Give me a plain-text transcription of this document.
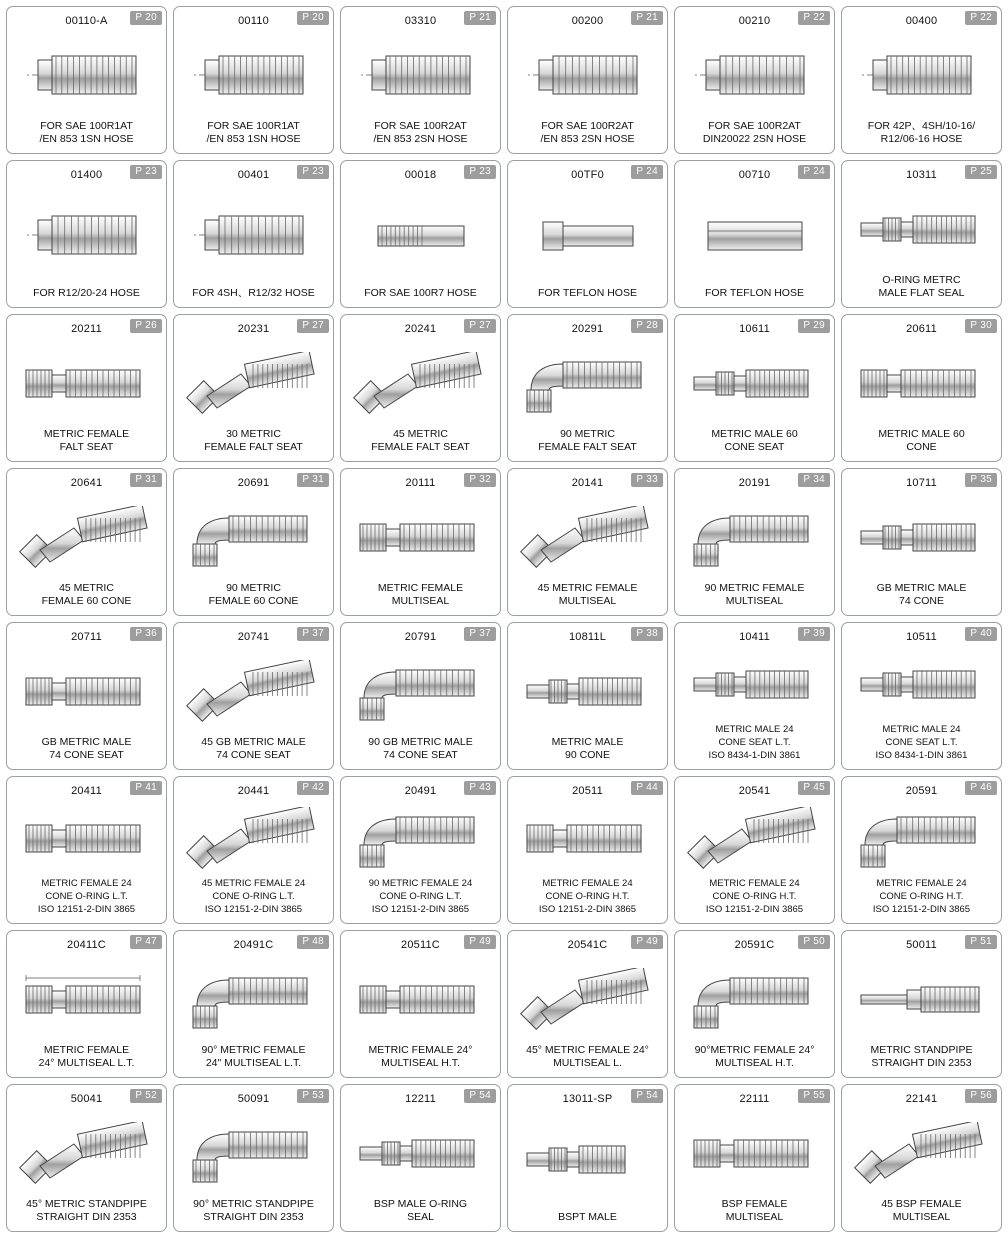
00110-A	P 20
FOR SAE 100R1AT
/EN 853 1SN HOSE
00110	P 20
FOR SAE 100R1AT
/EN 853 1SN HOSE
03310	P 21
FOR SAE 100R2AT
/EN 853 2SN HOSE
00200	P 21
FOR SAE 100R2AT
/EN 853 2SN HOSE
00210	P 22
FOR SAE 100R2AT
DIN20022 2SN HOSE
00400	P 22
FOR 42P、4SH/10-16/
R12/06-16 HOSE
01400	P 23
FOR R12/20-24 HOSE
00401	P 23
FOR 4SH、R12/32 HOSE
00018	P 23
FOR SAE 100R7 HOSE
00TF0	P 24
FOR TEFLON HOSE
00710	P 24
FOR TEFLON HOSE
10311	P 25
O-RING METRC
MALE FLAT SEAL
20211	P 26
METRIC FEMALE
FALT SEAT
20231	P 27
30 METRIC
FEMALE FALT SEAT
20241	P 27
45 METRIC
FEMALE FALT SEAT
20291	P 28
90 METRIC
FEMALE FALT SEAT
10611	P 29
METRIC MALE 60
CONE SEAT
20611	P 30
METRIC MALE 60
CONE
20641	P 31
45 METRIC
FEMALE 60 CONE
20691	P 31
90 METRIC
FEMALE 60 CONE
20111	P 32
METRIC FEMALE
MULTISEAL
20141	P 33
45 METRIC FEMALE
MULTISEAL
20191	P 34
90 METRIC FEMALE
MULTISEAL
10711	P 35
GB METRIC MALE
74 CONE
20711	P 36
GB METRIC MALE
74 CONE SEAT
20741	P 37
45 GB METRIC MALE
74 CONE SEAT
20791	P 37
90 GB METRIC MALE
74 CONE SEAT
10811L	P 38
METRIC MALE
90 CONE
10411	P 39
METRIC MALE 24
CONE SEAT L.T.
ISO 8434-1-DIN 3861
10511	P 40
METRIC MALE 24
CONE SEAT L.T.
ISO 8434-1-DIN 3861
20411	P 41
METRIC FEMALE 24
CONE O-RING L.T.
ISO 12151-2-DIN 3865
20441	P 42
45 METRIC FEMALE 24
CONE O-RING L.T.
ISO 12151-2-DIN 3865
20491	P 43
90 METRIC FEMALE 24
CONE O-RING L.T.
ISO 12151-2-DIN 3865
20511	P 44
METRIC FEMALE 24
CONE O-RING H.T.
ISO 12151-2-DIN 3865
20541	P 45
METRIC FEMALE 24
CONE O-RING H.T.
ISO 12151-2-DIN 3865
20591	P 46
METRIC FEMALE 24
CONE O-RING H.T.
ISO 12151-2-DIN 3865
20411C	P 47
METRIC FEMALE
24° MULTISEAL L.T.
20491C	P 48
90° METRIC FEMALE
24" MULTISEAL L.T.
20511C	P 49
METRIC FEMALE 24°
MULTISEAL H.T.
20541C	P 49
45° METRIC FEMALE 24°
MULTISEAL L.
20591C	P 50
90°METRIC FEMALE 24°
MULTISEAL H.T.
50011	P 51
METRIC STANDPIPE
STRAIGHT DIN 2353
50041	P 52
45° METRIC STANDPIPE
STRAIGHT DIN 2353
50091	P 53
90° METRIC STANDPIPE
STRAIGHT DIN 2353
12211	P 54
BSP MALE O-RING
SEAL
13011-SP	P 54
BSPT MALE
22111	P 55
BSP FEMALE
MULTISEAL
22141	P 56
45 BSP FEMALE
MULTISEAL
